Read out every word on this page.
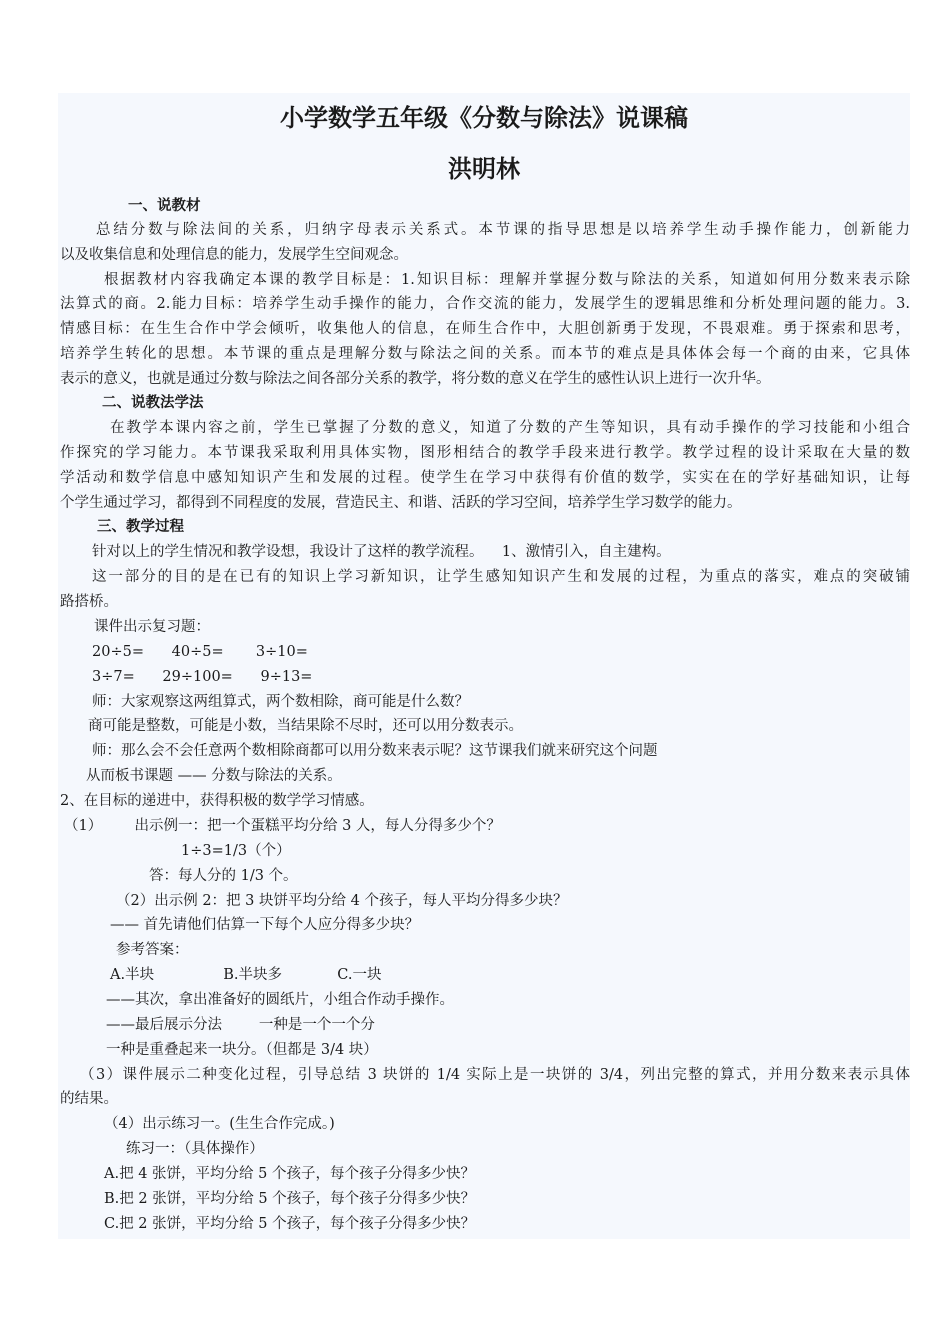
小学数学五年级《分数与除法》说课稿
洪明林
一、说教材
总结分数与除法间的关系，归纳字母表示关系式。本节课的指导思想是以培养学生动手操作能力，创新能力
以及收集信息和处理信息的能力，发展学生空间观念。
根据教材内容我确定本课的教学目标是：1.知识目标：理解并掌握分数与除法的关系，知道如何用分数来表示除
法算式的商。2.能力目标：培养学生动手操作的能力，合作交流的能力，发展学生的逻辑思维和分析处理问题的能力。3.
情感目标：在生生合作中学会倾听，收集他人的信息，在师生合作中，大胆创新勇于发现，不畏艰难。勇于探索和思考，
培养学生转化的思想。本节课的重点是理解分数与除法之间的关系。而本节的难点是具体体会每一个商的由来，它具体
表示的意义，也就是通过分数与除法之间各部分关系的教学，将分数的意义在学生的感性认识上进行一次升华。
二、说教法学法
在教学本课内容之前，学生已掌握了分数的意义，知道了分数的产生等知识，具有动手操作的学习技能和小组合
作探究的学习能力。本节课我采取利用具体实物，图形相结合的教学手段来进行教学。教学过程的设计采取在大量的数
学活动和数学信息中感知知识产生和发展的过程。使学生在学习中获得有价值的数学，实实在在的学好基础知识，让每
个学生通过学习，都得到不同程度的发展，营造民主、和谐、活跃的学习空间，培养学生学习数学的能力。
三、教学过程
针对以上的学生情况和教学设想，我设计了这样的教学流程。    1、激情引入，自主建构。
这一部分的目的是在已有的知识上学习新知识，让学生感知知识产生和发展的过程，为重点的落实，难点的突破铺
路搭桥。
课件出示复习题：
20÷5=      40÷5=       3÷10=
3÷7=      29÷100=      9÷13=
师：大家观察这两组算式，两个数相除，商可能是什么数？
商可能是整数，可能是小数，当结果除不尽时，还可以用分数表示。
师：那么会不会任意两个数相除商都可以用分数来表示呢？这节课我们就来研究这个问题
从而板书课题 —— 分数与除法的关系。
2、在目标的递进中，获得积极的数学学习情感。
（1）       出示例一：把一个蛋糕平均分给 3 人，每人分得多少个？
1÷3=1/3（个）
答：每人分的 1/3 个。
（2）出示例 2：把 3 块饼平均分给 4 个孩子，每人平均分得多少块？
—— 首先请他们估算一下每个人应分得多少块？
参考答案：
A.半块               B.半块多            C.一块
——其次，拿出准备好的圆纸片，小组合作动手操作。
——最后展示分法        一种是一个一个分
一种是重叠起来一块分。（但都是 3/4 块）
（3）课件展示二种变化过程，引导总结 3 块饼的 1/4 实际上是一块饼的 3/4，列出完整的算式，并用分数来表示具体
的结果。
（4）出示练习一。(生生合作完成。)
练习一：（具体操作）
A.把 4 张饼，平均分给 5 个孩子，每个孩子分得多少快？
B.把 2 张饼，平均分给 5 个孩子，每个孩子分得多少快？
C.把 2 张饼，平均分给 5 个孩子，每个孩子分得多少快？
